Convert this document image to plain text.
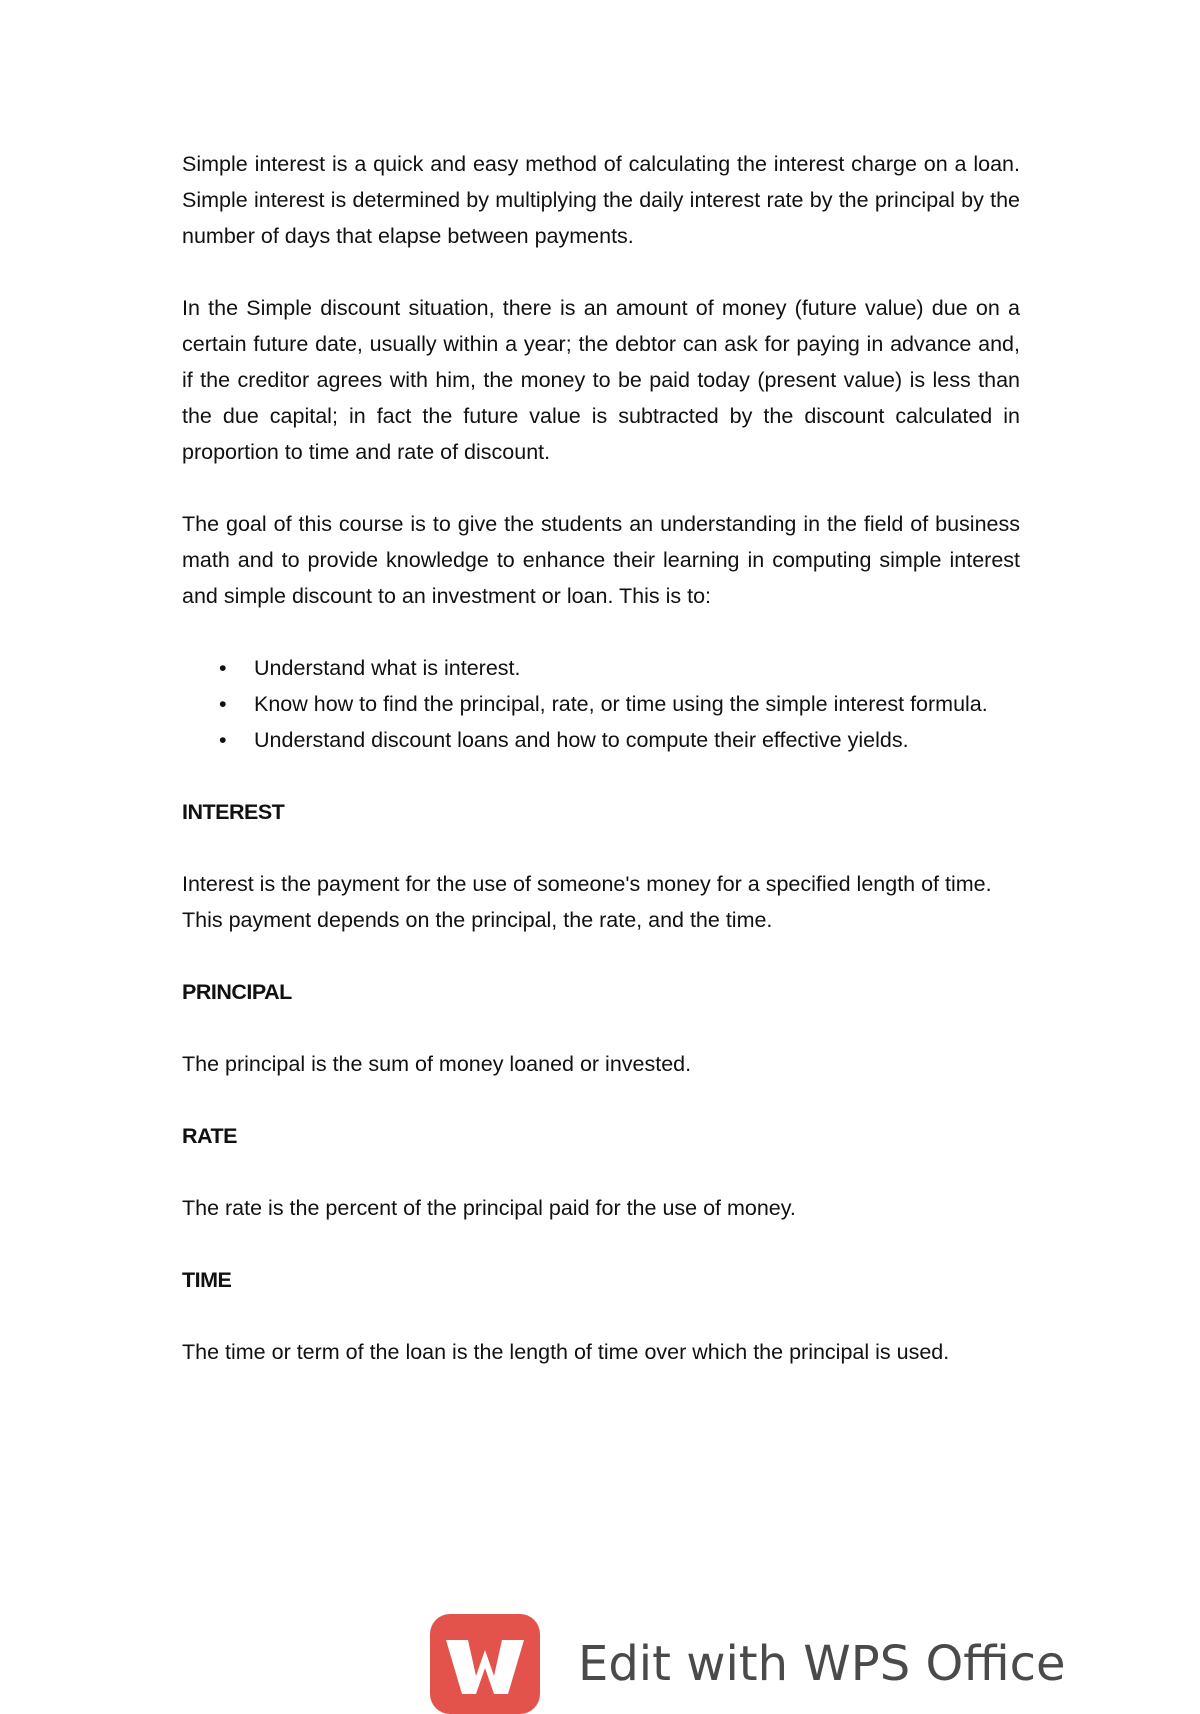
Simple interest is a quick and easy method of calculating the interest charge on a loan. Simple interest is determined by multiplying the daily interest rate by the principal by the number of days that elapse between payments.

In the Simple discount situation, there is an amount of money (future value) due on a certain future date, usually within a year; the debtor can ask for paying in advance and, if the creditor agrees with him, the money to be paid today (present value) is less than the due capital; in fact the future value is subtracted by the discount calculated in proportion to time and rate of discount.

The goal of this course is to give the students an understanding in the field of business math and to provide knowledge to enhance their learning in computing simple interest and simple discount to an investment or loan. This is to:

• Understand what is interest.
• Know how to find the principal, rate, or time using the simple interest formula.
• Understand discount loans and how to compute their effective yields.

INTEREST

Interest is the payment for the use of someone's money for a specified length of time. This payment depends on the principal, the rate, and the time.

PRINCIPAL

The principal is the sum of money loaned or invested.

RATE

The rate is the percent of the principal paid for the use of money.

TIME

The time or term of the loan is the length of time over which the principal is used.

Edit with WPS Office
